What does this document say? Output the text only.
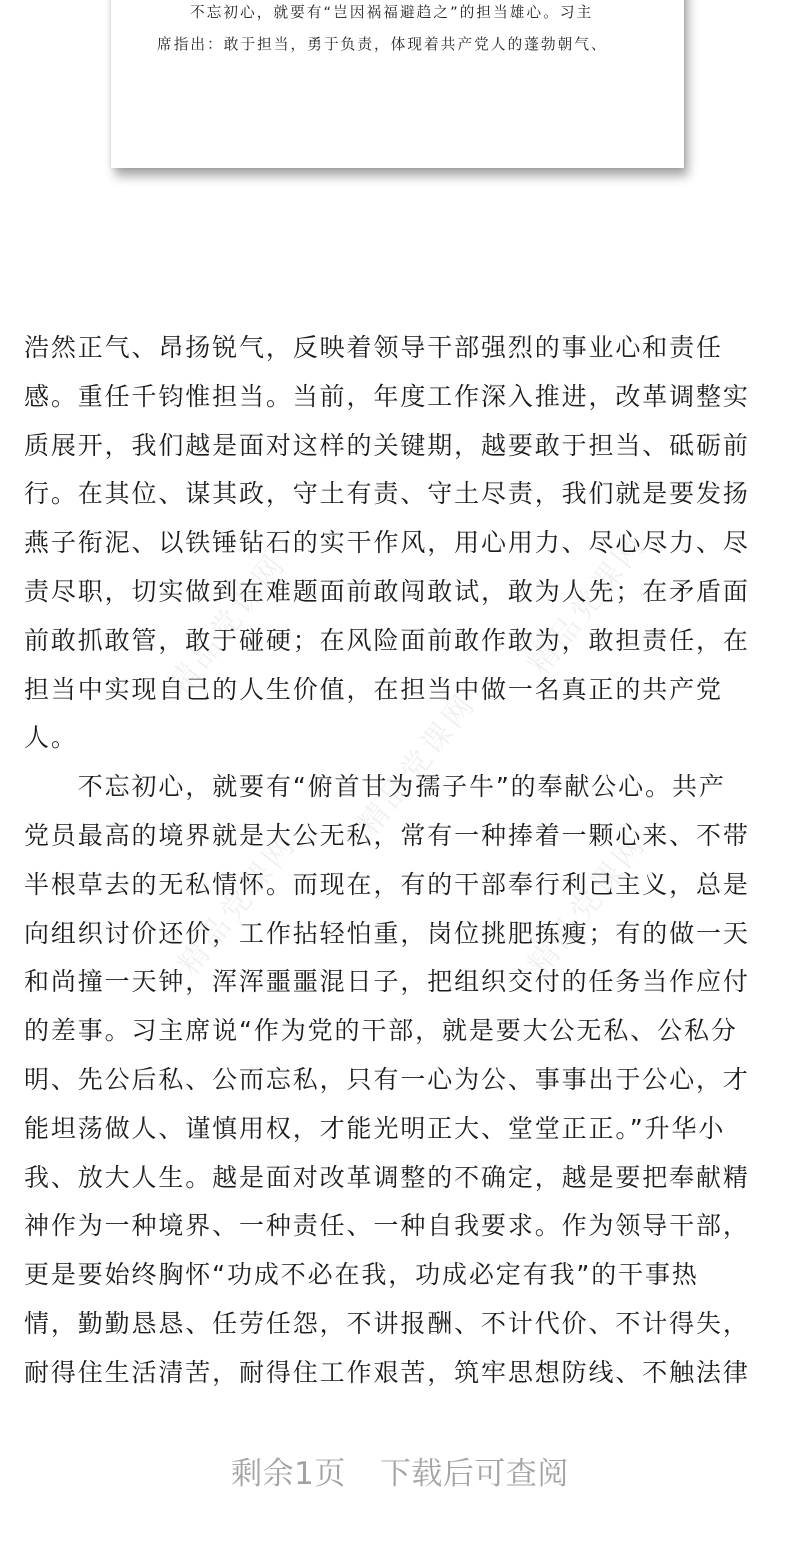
不忘初心，就要有“岂因祸福避趋之”的担当雄心。习主
席指出：敢于担当，勇于负责，体现着共产党人的蓬勃朝气、
精品党课网	精品党课网
精品党课网
精品党课网	精品党课网
浩然正气、昂扬锐气，反映着领导干部强烈的事业心和责任
感。重任千钧惟担当。当前，年度工作深入推进，改革调整实
质展开，我们越是面对这样的关键期，越要敢于担当、砥砺前
行。在其位、谋其政，守土有责、守土尽责，我们就是要发扬
燕子衔泥、以铁锤钻石的实干作风，用心用力、尽心尽力、尽
责尽职，切实做到在难题面前敢闯敢试，敢为人先；在矛盾面
前敢抓敢管，敢于碰硬；在风险面前敢作敢为，敢担责任，在
担当中实现自己的人生价值，在担当中做一名真正的共产党
人。
不忘初心，就要有“俯首甘为孺子牛”的奉献公心。共产
党员最高的境界就是大公无私，常有一种捧着一颗心来、不带
半根草去的无私情怀。而现在，有的干部奉行利己主义，总是
向组织讨价还价，工作拈轻怕重，岗位挑肥拣瘦；有的做一天
和尚撞一天钟，浑浑噩噩混日子，把组织交付的任务当作应付
的差事。习主席说“作为党的干部，就是要大公无私、公私分
明、先公后私、公而忘私，只有一心为公、事事出于公心，才
能坦荡做人、谨慎用权，才能光明正大、堂堂正正。”升华小
我、放大人生。越是面对改革调整的不确定，越是要把奉献精
神作为一种境界、一种责任、一种自我要求。作为领导干部，
更是要始终胸怀“功成不必在我，功成必定有我”的干事热
情，勤勤恳恳、任劳任怨，不讲报酬、不计代价、不计得失，
耐得住生活清苦，耐得住工作艰苦，筑牢思想防线、不触法律
剩余1页 下载后可查阅
